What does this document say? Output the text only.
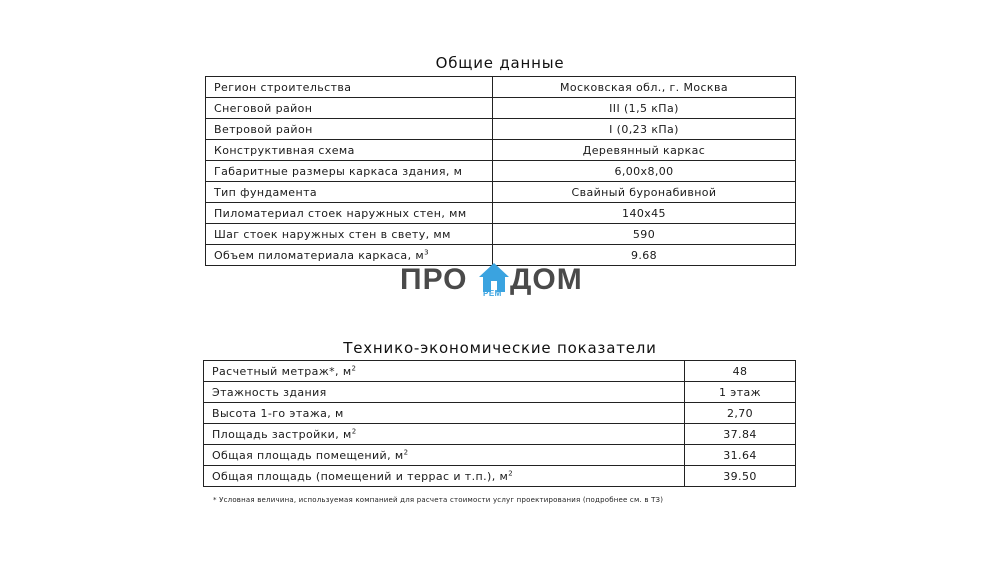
Общие данные
Регион строительства	Московская обл., г. Москва
Снеговой район	III (1,5 кПа)
Ветровой район	I (0,23 кПа)
Конструктивная схема	Деревянный каркас
Габаритные размеры каркаса здания, м	6,00x8,00
Тип фундамента	Свайный буронабивной
Пиломатериал стоек наружных стен, мм	140x45
Шаг стоек наружных стен в свету, мм	590
Объем пиломатериала каркаса, $м^3$	9.68
ПРО РЕМ ДОМ
Технико-экономические показатели
Расчетный метраж*, $м^2$	48
Этажность здания	1 этаж
Высота 1-го этажа, м	2,70
Площадь застройки, $м^2$	37.84
Общая площадь помещений, $м^2$	31.64
Общая площадь (помещений и террас и т.п.), $м^2$	39.50
* Условная величина, используемая компанией для расчета стоимости услуг проектирования (подробнее см. в ТЗ)
